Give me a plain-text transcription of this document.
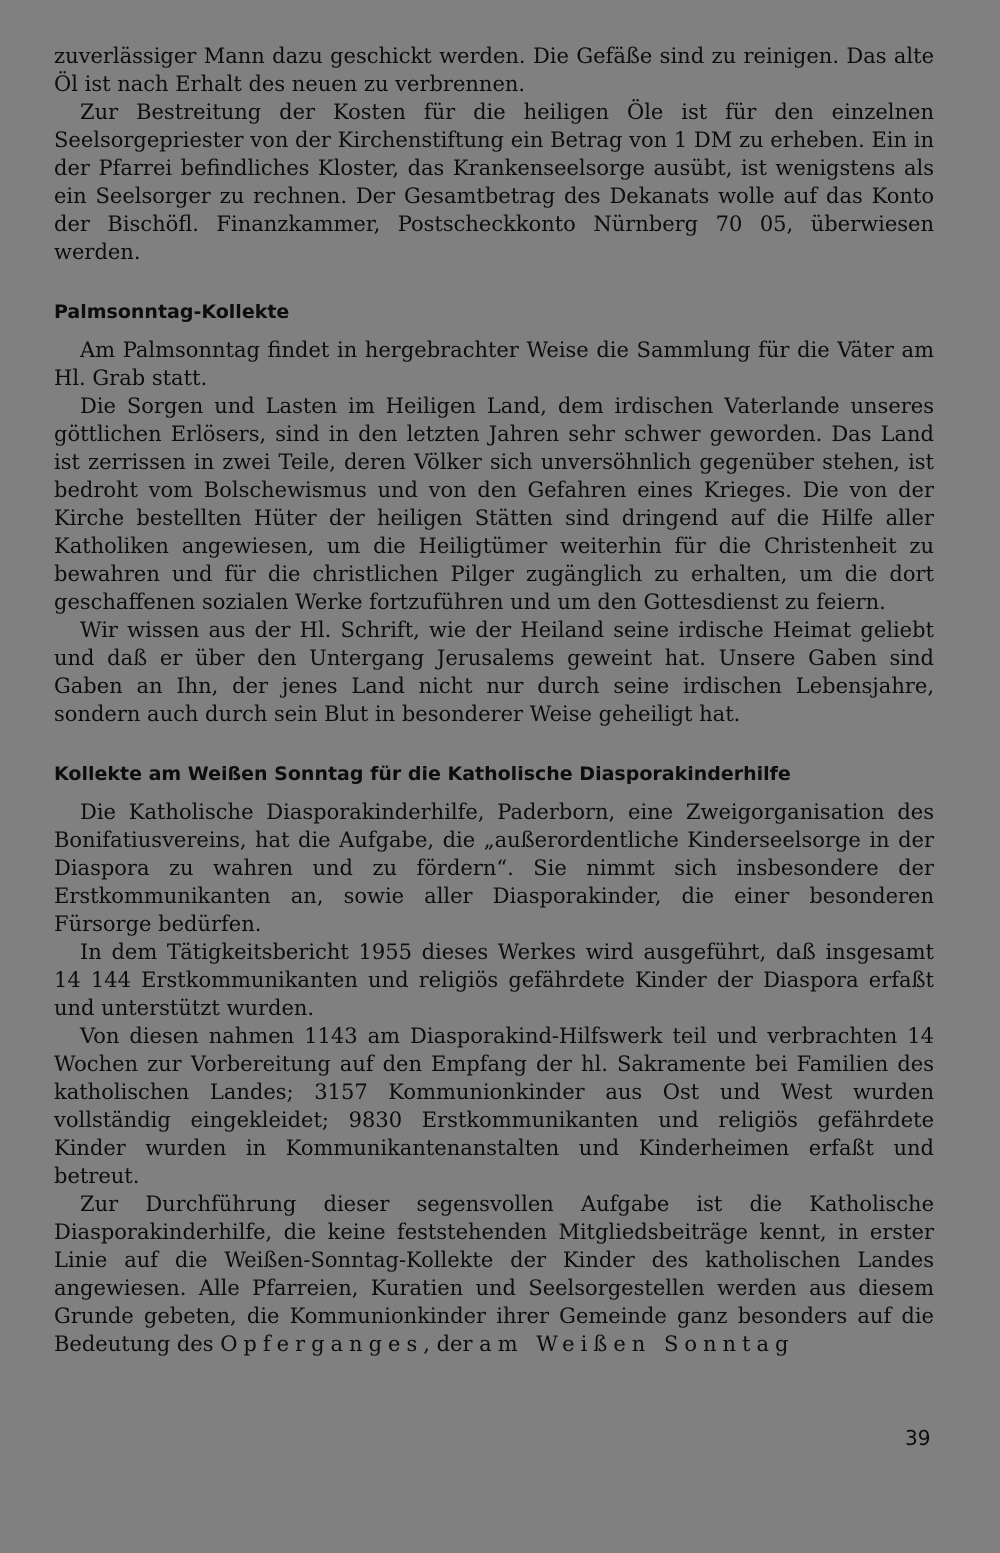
zuverlässiger Mann dazu geschickt werden. Die Gefäße sind zu reinigen. Das alte Öl ist nach Erhalt des neuen zu verbrennen.

Zur Bestreitung der Kosten für die heiligen Öle ist für den einzelnen Seelsorgepriester von der Kirchenstiftung ein Betrag von 1 DM zu erheben. Ein in der Pfarrei befindliches Kloster, das Krankenseelsorge ausübt, ist wenigstens als ein Seelsorger zu rechnen. Der Gesamtbetrag des Dekanats wolle auf das Konto der Bischöfl. Finanzkammer, Postscheckkonto Nürnberg 70 05, überwiesen werden.

Palmsonntag-Kollekte

Am Palmsonntag findet in hergebrachter Weise die Sammlung für die Väter am Hl. Grab statt.

Die Sorgen und Lasten im Heiligen Land, dem irdischen Vaterlande unseres göttlichen Erlösers, sind in den letzten Jahren sehr schwer geworden. Das Land ist zerrissen in zwei Teile, deren Völker sich unversöhnlich gegenüber stehen, ist bedroht vom Bolschewismus und von den Gefahren eines Krieges. Die von der Kirche bestellten Hüter der heiligen Stätten sind dringend auf die Hilfe aller Katholiken angewiesen, um die Heiligtümer weiterhin für die Christenheit zu bewahren und für die christlichen Pilger zugänglich zu erhalten, um die dort geschaffenen sozialen Werke fortzuführen und um den Gottesdienst zu feiern.

Wir wissen aus der Hl. Schrift, wie der Heiland seine irdische Heimat geliebt und daß er über den Untergang Jerusalems geweint hat. Unsere Gaben sind Gaben an Ihn, der jenes Land nicht nur durch seine irdischen Lebensjahre, sondern auch durch sein Blut in besonderer Weise geheiligt hat.

Kollekte am Weißen Sonntag für die Katholische Diasporakinderhilfe

Die Katholische Diasporakinderhilfe, Paderborn, eine Zweigorganisation des Bonifatiusvereins, hat die Aufgabe, die „außerordentliche Kinderseelsorge in der Diaspora zu wahren und zu fördern“. Sie nimmt sich insbesondere der Erstkommunikanten an, sowie aller Diasporakinder, die einer besonderen Fürsorge bedürfen.

In dem Tätigkeitsbericht 1955 dieses Werkes wird ausgeführt, daß insgesamt 14 144 Erstkommunikanten und religiös gefährdete Kinder der Diaspora erfaßt und unterstützt wurden.

Von diesen nahmen 1143 am Diasporakind-Hilfswerk teil und verbrachten 14 Wochen zur Vorbereitung auf den Empfang der hl. Sakramente bei Familien des katholischen Landes; 3157 Kommunionkinder aus Ost und West wurden vollständig eingekleidet; 9830 Erstkommunikanten und religiös gefährdete Kinder wurden in Kommunikantenanstalten und Kinderheimen erfaßt und betreut.

Zur Durchführung dieser segensvollen Aufgabe ist die Katholische Diasporakinderhilfe, die keine feststehenden Mitgliedsbeiträge kennt, in erster Linie auf die Weißen-Sonntag-Kollekte der Kinder des katholischen Landes angewiesen. Alle Pfarreien, Kuratien und Seelsorgestellen werden aus diesem Grunde gebeten, die Kommunionkinder ihrer Gemeinde ganz besonders auf die Bedeutung des Opferganges, der am Weißen Sonntag

39
